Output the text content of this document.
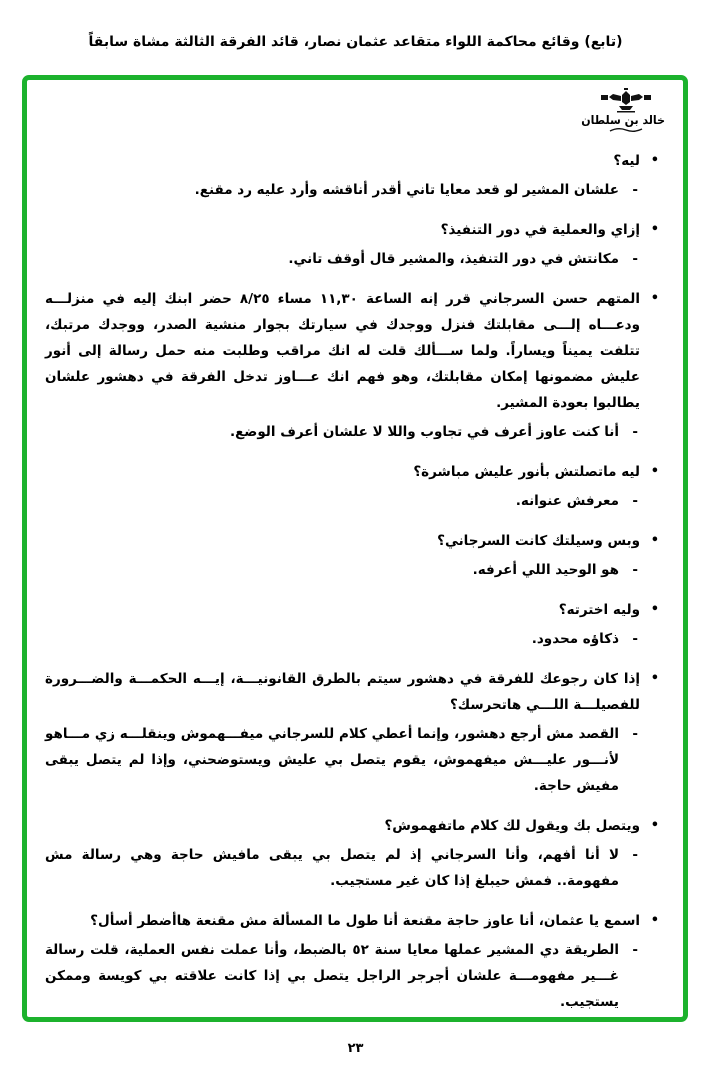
(تابع) وقائع محاكمة اللواء متقاعد عثمان نصار، قائد الفرقة الثالثة مشاة سابقاً
خالد بن سلطان
•
ليه؟
-
علشان المشير لو قعد معايا تاني أقدر أناقشه وأرد عليه رد مقنع.
•
إزاي والعملية في دور التنفيذ؟
-
مكانتش في دور التنفيذ، والمشير قال أوقف تاني.
•
المتهم حسن السرجاني قرر إنه الساعة ١١,٣٠ مساء ٨/٢٥ حضر ابنك إليه في منزلـــه ودعـــاه إلـــى مقابلتك فنزل ووجدك في سيارتك بجوار منشية الصدر، ووجدك مرتبك، تتلفت يميناً ويساراً. ولما ســـألك قلت له انك مراقب وطلبت منه حمل رسالة إلى أنور عليش مضمونها إمكان مقابلتك، وهو فهم انك عـــاوز تدخل الفرقة في دهشور علشان يطالبوا بعودة المشير.
-
أنا كنت عاوز أعرف في تجاوب واللا لا علشان أعرف الوضع.
•
ليه ماتصلتش بأنور عليش مباشرة؟
-
معرفش عنوانه.
•
وبس وسيلتك كانت السرجاني؟
-
هو الوحيد اللي أعرفه.
•
وليه اخترته؟
-
ذكاؤه محدود.
•
إذا كان رجوعك للفرقة في دهشور سيتم بالطرق القانونيـــة، إيـــه الحكمـــة والضـــرورة للفصيلـــة اللـــي هاتحرسك؟
-
القصد مش أرجع دهشور، وإنما أعطي كلام للسرجاني ميفـــهموش وينقلـــه زي مـــاهو لأنـــور عليـــش ميفهموش، يقوم يتصل بي عليش ويستوضحني، وإذا لم يتصل يبقى مفيش حاجة.
•
ويتصل بك ويقول لك كلام ماتفهموش؟
-
لا أنا أفهم، وأنا السرجاني إذ لم يتصل بي يبقى مافيش حاجة وهي رسالة مش مفهومة.. فمش حيبلغ إذا كان غير مستجيب.
•
اسمع يا عثمان، أنا عاوز حاجة مقنعة أنا طول ما المسألة مش مقنعة هاأضطر أسأل؟
-
الطريقة دي المشير عملها معايا سنة ٥٢ بالضبط، وأنا عملت نفس العملية، قلت رسالة غـــير مفهومـــة علشان أجرجر الراجل يتصل بي إذا كانت علاقته بي كويسة وممكن يستجيب.
٢٣
